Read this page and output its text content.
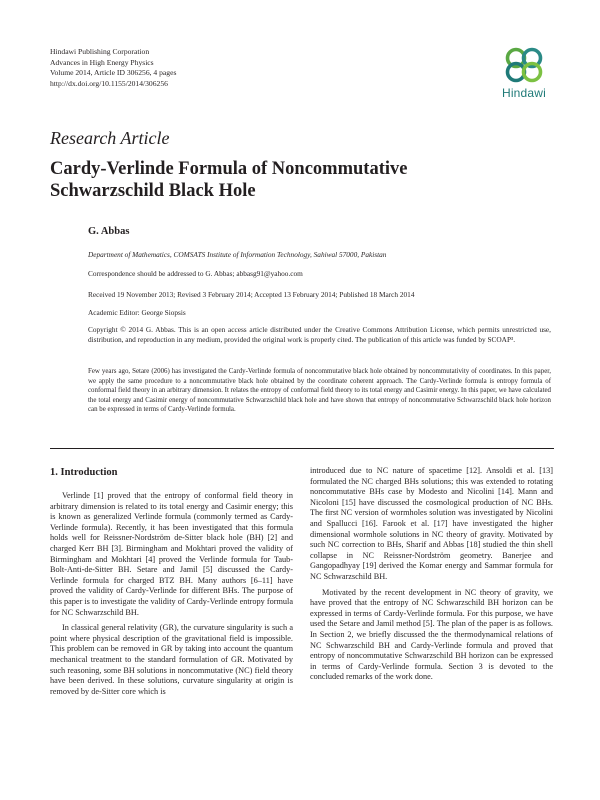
Hindawi Publishing Corporation
Advances in High Energy Physics
Volume 2014, Article ID 306256, 4 pages
http://dx.doi.org/10.1155/2014/306256
Hindawi
Research Article
Cardy-Verlinde Formula of Noncommutative
Schwarzschild Black Hole
G. Abbas
Department of Mathematics, COMSATS Institute of Information Technology, Sahiwal 57000, Pakistan
Correspondence should be addressed to G. Abbas; abbasg91@yahoo.com
Received 19 November 2013; Revised 3 February 2014; Accepted 13 February 2014; Published 18 March 2014
Academic Editor: George Siopsis
Copyright © 2014 G. Abbas. This is an open access article distributed under the Creative Commons Attribution License, which permits unrestricted use, distribution, and reproduction in any medium, provided the original work is properly cited. The publication of this article was funded by SCOAP³.
Few years ago, Setare (2006) has investigated the Cardy-Verlinde formula of noncommutative black hole obtained by noncommutativity of coordinates. In this paper, we apply the same procedure to a noncommutative black hole obtained by the coordinate coherent approach. The Cardy-Verlinde formula is entropy formula of conformal field theory in an arbitrary dimension. It relates the entropy of conformal field theory to its total energy and Casimir energy. In this paper, we have calculated the total energy and Casimir energy of noncommutative Schwarzschild black hole and have shown that entropy of noncommutative Schwarzschild black hole horizon can be expressed in terms of Cardy-Verlinde formula.
1. Introduction

Verlinde [1] proved that the entropy of conformal field theory in arbitrary dimension is related to its total energy and Casimir energy; this is known as generalized Verlinde formula (commonly termed as Cardy-Verlinde formula). Recently, it has been investigated that this formula holds well for Reissner-Nordström de-Sitter black hole (BH) [2] and charged Kerr BH [3]. Birmingham and Mokhtari proved the validity of Birmingham and Mokhtari [4] proved the Verlinde formula for Taub-Bolt-Anti-de-Sitter BH. Setare and Jamil [5] discussed the Cardy-Verlinde formula for charged BTZ BH. Many authors [6–11] have proved the validity of Cardy-Verlinde for different BHs. The purpose of this paper is to investigate the validity of Cardy-Verlinde entropy formula for NC Schwarzschild BH.

In classical general relativity (GR), the curvature singularity is such a point where physical description of the gravitational field is impossible. This problem can be removed in GR by taking into account the quantum mechanical treatment to the standard formulation of GR. Motivated by such reasoning, some BH solutions in noncommutative (NC) field theory have been derived. In these solutions, curvature singularity at origin is removed by de-Sitter core which is

introduced due to NC nature of spacetime [12]. Ansoldi et al. [13] formulated the NC charged BHs solutions; this was extended to rotating noncommutative BHs case by Modesto and Nicolini [14]. Mann and Nicoloni [15] have discussed the cosmological production of NC BHs. The first NC version of wormholes solution was investigated by Nicolini and Spallucci [16]. Farook et al. [17] have investigated the higher dimensional wormhole solutions in NC theory of gravity. Motivated by such NC correction to BHs, Sharif and Abbas [18] studied the thin shell collapse in NC Reissner-Nordström geometry. Banerjee and Gangopadhyay [19] derived the Komar energy and Sammar formula for NC Schwarzschild BH.

Motivated by the recent development in NC theory of gravity, we have proved that the entropy of NC Schwarzschild BH horizon can be expressed in terms of Cardy-Verlinde formula. For this purpose, we have used the Setare and Jamil method [5]. The plan of the paper is as follows. In Section 2, we briefly discussed the the thermodynamical relations of NC Schwarzschild BH and Cardy-Verlinde formula and proved that entropy of noncommutative Schwarzschild BH horizon can be expressed in terms of Cardy-Verlinde formula. Section 3 is devoted to the concluded remarks of the work done.
